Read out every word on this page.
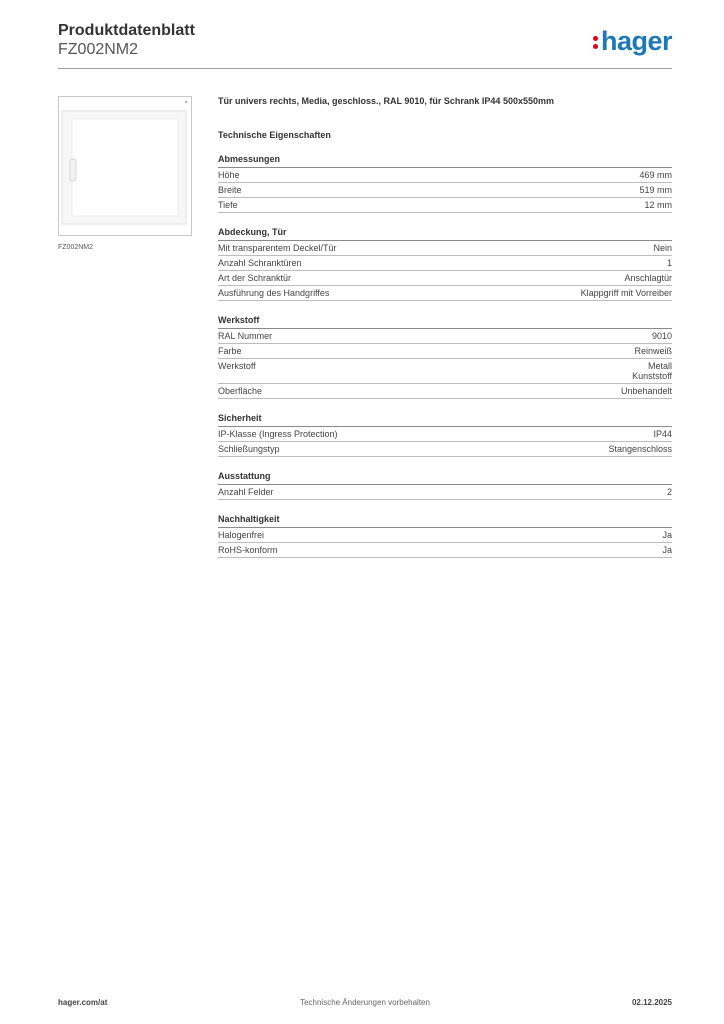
Produktdatenblatt
FZ002NM2	hager
FZ002NM2
Tür univers rechts, Media, geschloss., RAL 9010, für Schrank IP44 500x550mm
Technische Eigenschaften
Abmessungen
Höhe	469 mm
Breite	519 mm
Tiefe	12 mm
Abdeckung, Tür
Mit transparentem Deckel/Tür	Nein
Anzahl Schranktüren	1
Art der Schranktür	Anschlagtür
Ausführung des Handgriffes	Klappgriff mit Vorreiber
Werkstoff
RAL Nummer	9010
Farbe	Reinweiß
Werkstoff	Metall
Kunststoff
Oberfläche	Unbehandelt
Sicherheit
IP-Klasse (Ingress Protection)	IP44
Schließungstyp	Stangenschloss
Ausstattung
Anzahl Felder	2
Nachhaltigkeit
Halogenfrei	Ja
RoHS-konform	Ja
hager.com/at	Technische Änderungen vorbehalten	02.12.2025
